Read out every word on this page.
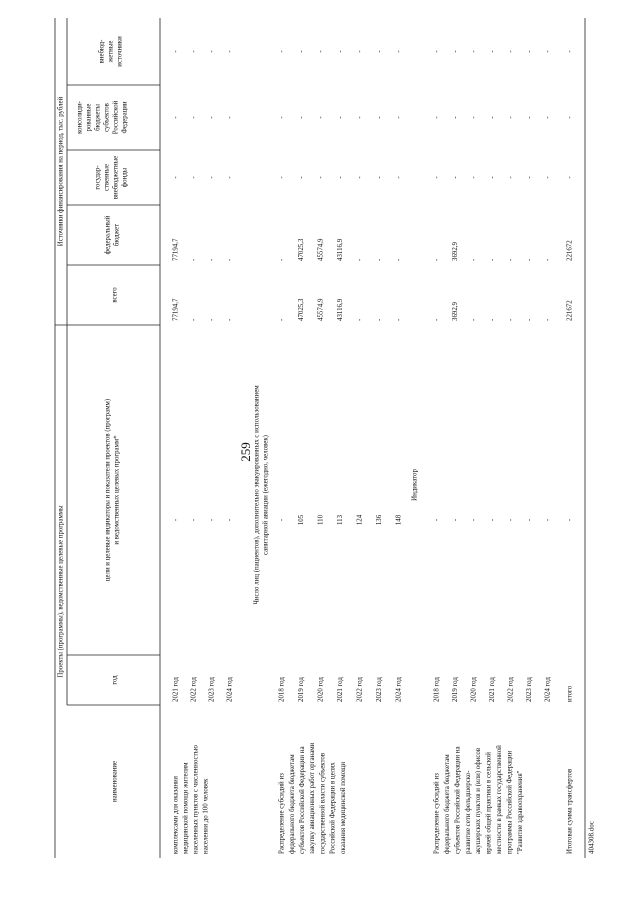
Проекты (программы), ведомственные целевые программы
Источники финансирования на период, тыс. рублей
наименование
год
цели и целевые индикаторы и показатели проектов (программ) и ведомственных целевых программ*
всего
федеральный бюджет
государ- ственные внебюджетные фонды
консолиди- рованные бюджеты субъектов Российской Федерации
внебюд- жетные источники
комплексами для оказания медицинской помощи жителям населенных пунктов с численностью населения до 100 человек
2021 год
-
77194,7
77194,7
-
-
-
2022 год
-
-
-
-
-
-
2023 год
-
-
-
-
-
-
2024 год
-
-
-
-
-
-
Число лиц (пациентов), дополнительно эвакуированных с использованием санитарной авиации (ежегодно, человек)
Распределение субсидий из федерального бюджета бюджетам субъектов Российской Федерации на закупку авиационных работ органами государственной власти субъектов Российской Федерации в целях оказания медицинской помощи
2018 год
-
-
-
-
-
-
2019 год
105
47025,3
47025,3
-
-
-
2020 год
110
45574,9
45574,9
-
-
-
2021 год
113
43116,9
43116,9
-
-
-
2022 год
124
-
-
-
-
-
2023 год
136
-
-
-
-
-
2024 год
148
-
-
-
-
-
Индикатор
Распределение субсидий из федерального бюджета бюджетам субъектов Российской Федерации на развитие сети фельдшерско- акушерских пунктов и (или) офисов врачей общей практики в сельской местности в рамках государственной программы Российской Федерации "Развитие здравоохранения"
2018 год
-
-
-
-
-
-
2019 год
-
3692,9
3692,9
-
-
-
2020 год
-
-
-
-
-
-
2021 год
-
-
-
-
-
-
2022 год
-
-
-
-
-
-
2023 год
-
-
-
-
-
-
2024 год
-
-
-
-
-
-
Итоговая сумма трансфертов
итого
-
221672
221672
-
-
-
259
404308.doc
